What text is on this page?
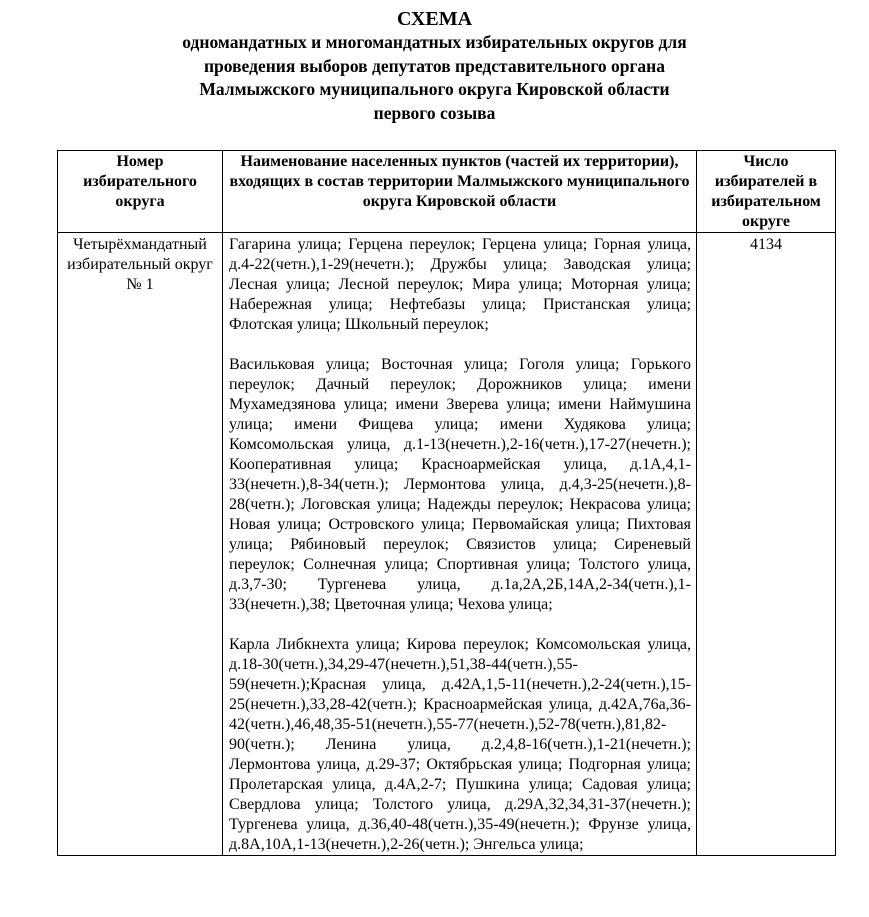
СХЕМА
одномандатных и многомандатных избирательных округов для
проведения выборов депутатов представительного органа
Малмыжского муниципального округа Кировской области
первого созыва
Номер избирательного округа	Наименование населенных пунктов (частей их территории), входящих в состав территории Малмыжского муниципального округа Кировской области	Число избирателей в избирательном округе
Четырёхмандатный избирательный округ № 1	Гагарина улица; Герцена переулок; Герцена улица; Горная улица, д.4-22(четн.),1-29(нечетн.); Дружбы улица; Заводская улица; Лесная улица; Лесной переулок; Мира улица; Моторная улица; Набережная улица; Нефтебазы улица; Пристанская улица; Флотская улица; Школьный переулок;
Васильковая улица; Восточная улица; Гоголя улица; Горького переулок; Дачный переулок; Дорожников улица; имени Мухамедзянова улица; имени Зверева улица; имени Наймушина улица; имени Фищева улица; имени Худякова улица; Комсомольская улица, д.1-13(нечетн.),2-16(четн.),17-27(нечетн.); Кооперативная улица; Красноармейская улица, д.1А,4,1-33(нечетн.),8-34(четн.); Лермонтова улица, д.4,3-25(нечетн.),8-28(четн.); Логовская улица; Надежды переулок; Некрасова улица; Новая улица; Островского улица; Первомайская улица; Пихтовая улица; Рябиновый переулок; Связистов улица; Сиреневый переулок; Солнечная улица; Спортивная улица; Толстого улица, д.3,7-30; Тургенева улица, д.1а,2А,2Б,14А,2-34(четн.),1-33(нечетн.),38; Цветочная улица; Чехова улица;
Карла Либкнехта улица; Кирова переулок; Комсомольская улица, д.18-30(четн.),34,29-47(нечетн.),51,38-44(четн.),55-59(нечетн.);Красная улица, д.42А,1,5-11(нечетн.),2-24(четн.),15-25(нечетн.),33,28-42(четн.); Красноармейская улица, д.42А,76а,36-42(четн.),46,48,35-51(нечетн.),55-77(нечетн.),52-78(четн.),81,82-90(четн.); Ленина улица, д.2,4,8-16(четн.),1-21(нечетн.); Лермонтова улица, д.29-37; Октябрьская улица; Подгорная улица; Пролетарская улица, д.4А,2-7; Пушкина улица; Садовая улица; Свердлова улица; Толстого улица, д.29А,32,34,31-37(нечетн.); Тургенева улица, д.36,40-48(четн.),35-49(нечетн.); Фрунзе улица, д.8А,10А,1-13(нечетн.),2-26(четн.); Энгельса улица;	4134
